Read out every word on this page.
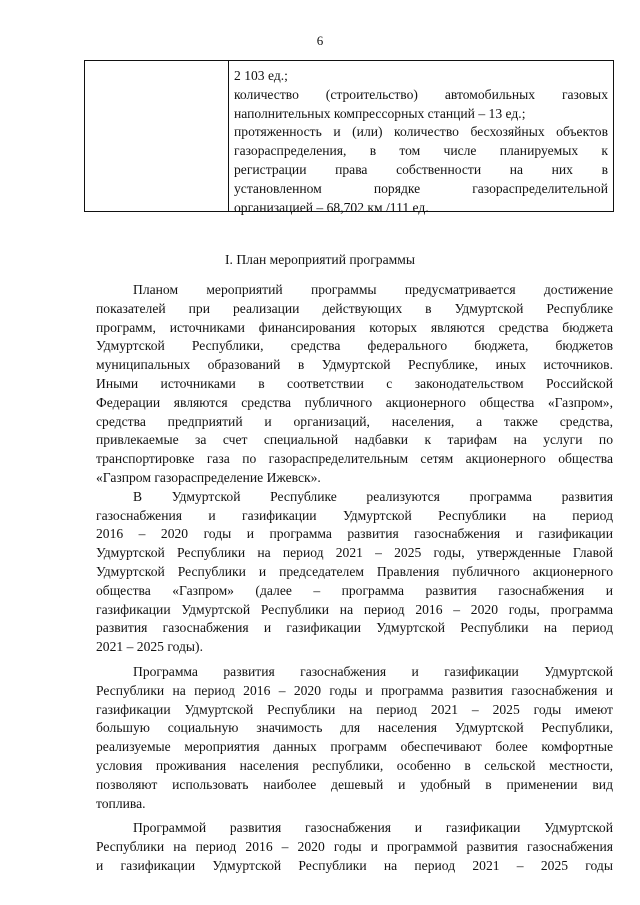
6
2 103 ед.;
количество (строительство) автомобильных газовых
наполнительных компрессорных станций – 13 ед.;
протяженность и (или) количество бесхозяйных объектов
газораспределения, в том числе планируемых к
регистрации права собственности на них в
установленном порядке газораспределительной
организацией – 68,702 км /111 ед.
I. План мероприятий программы
Планом мероприятий программы предусматривается достижение
показателей при реализации действующих в Удмуртской Республике
программ, источниками финансирования которых являются средства бюджета
Удмуртской Республики, средства федерального бюджета, бюджетов
муниципальных образований в Удмуртской Республике, иных источников.
Иными источниками в соответствии с законодательством Российской
Федерации являются средства публичного акционерного общества «Газпром»,
средства предприятий и организаций, населения, а также средства,
привлекаемые за счет специальной надбавки к тарифам на услуги по
транспортировке газа по газораспределительным сетям акционерного общества
«Газпром газораспределение Ижевск».
В Удмуртской Республике реализуются программа развития
газоснабжения и газификации Удмуртской Республики на период
2016 – 2020 годы и программа развития газоснабжения и газификации
Удмуртской Республики на период 2021 – 2025 годы, утвержденные Главой
Удмуртской Республики и председателем Правления публичного акционерного
общества «Газпром» (далее – программа развития газоснабжения и
газификации Удмуртской Республики на период 2016 – 2020 годы, программа
развития газоснабжения и газификации Удмуртской Республики на период
2021 – 2025 годы).
Программа развития газоснабжения и газификации Удмуртской
Республики на период 2016 – 2020 годы и программа развития газоснабжения и
газификации Удмуртской Республики на период 2021 – 2025 годы имеют
большую социальную значимость для населения Удмуртской Республики,
реализуемые мероприятия данных программ обеспечивают более комфортные
условия проживания населения республики, особенно в сельской местности,
позволяют использовать наиболее дешевый и удобный в применении вид
топлива.
Программой развития газоснабжения и газификации Удмуртской
Республики на период 2016 – 2020 годы и программой развития газоснабжения
и газификации Удмуртской Республики на период 2021 – 2025 годы
